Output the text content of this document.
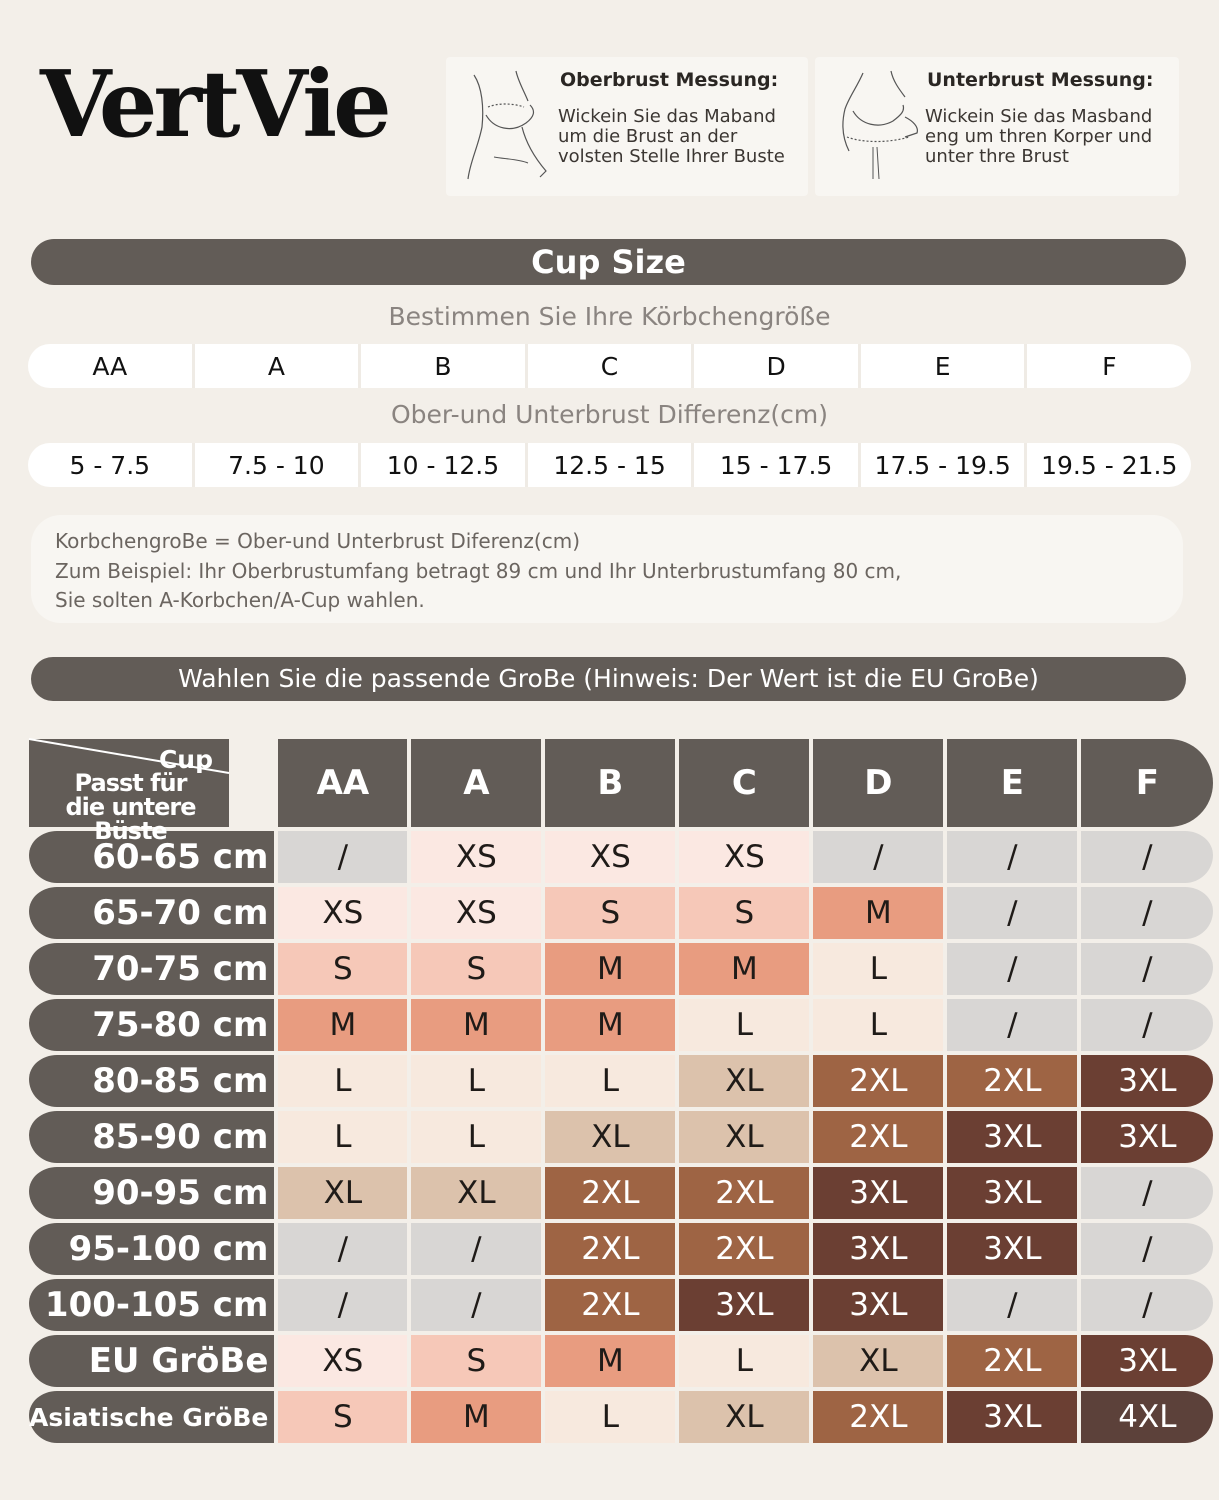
VertVie	Oberbrust Messung:
Wickein Sie das Maband
um die Brust an der
volsten Stelle Ihrer Buste
Unterbrust Messung:
Wickein Sie das Masband
eng um thren Korper und
unter thre Brust
Cup Size
Bestimmen Sie Ihre Körbchengröße
AA	A	B	C	D	E	F
Ober-und Unterbrust Differenz(cm)
5 - 7.5	7.5 - 10	10 - 12.5	12.5 - 15	15 - 17.5	17.5 - 19.5	19.5 - 21.5
KorbchengroBe = Ober-und Unterbrust Diferenz(cm)
Zum Beispiel: Ihr Oberbrustumfang betragt 89 cm und Ihr Unterbrustumfang 80 cm,
Sie solten A-Korbchen/A-Cup wahlen.
Wahlen Sie die passende GroBe (Hinweis: Der Wert ist die EU GroBe)
Cup
Passt für
die untere Büste	AA	A	B	C	D	E	F
60-65 cm	/	XS	XS	XS	/	/	/
65-70 cm	XS	XS	S	S	M	/	/
70-75 cm	S	S	M	M	L	/	/
75-80 cm	M	M	M	L	L	/	/
80-85 cm	L	L	L	XL	2XL	2XL	3XL
85-90 cm	L	L	XL	XL	2XL	3XL	3XL
90-95 cm	XL	XL	2XL	2XL	3XL	3XL	/
95-100 cm	/	/	2XL	2XL	3XL	3XL	/
100-105 cm	/	/	2XL	3XL	3XL	/	/
EU GröBe	XS	S	M	L	XL	2XL	3XL
Asiatische GröBe	S	M	L	XL	2XL	3XL	4XL
